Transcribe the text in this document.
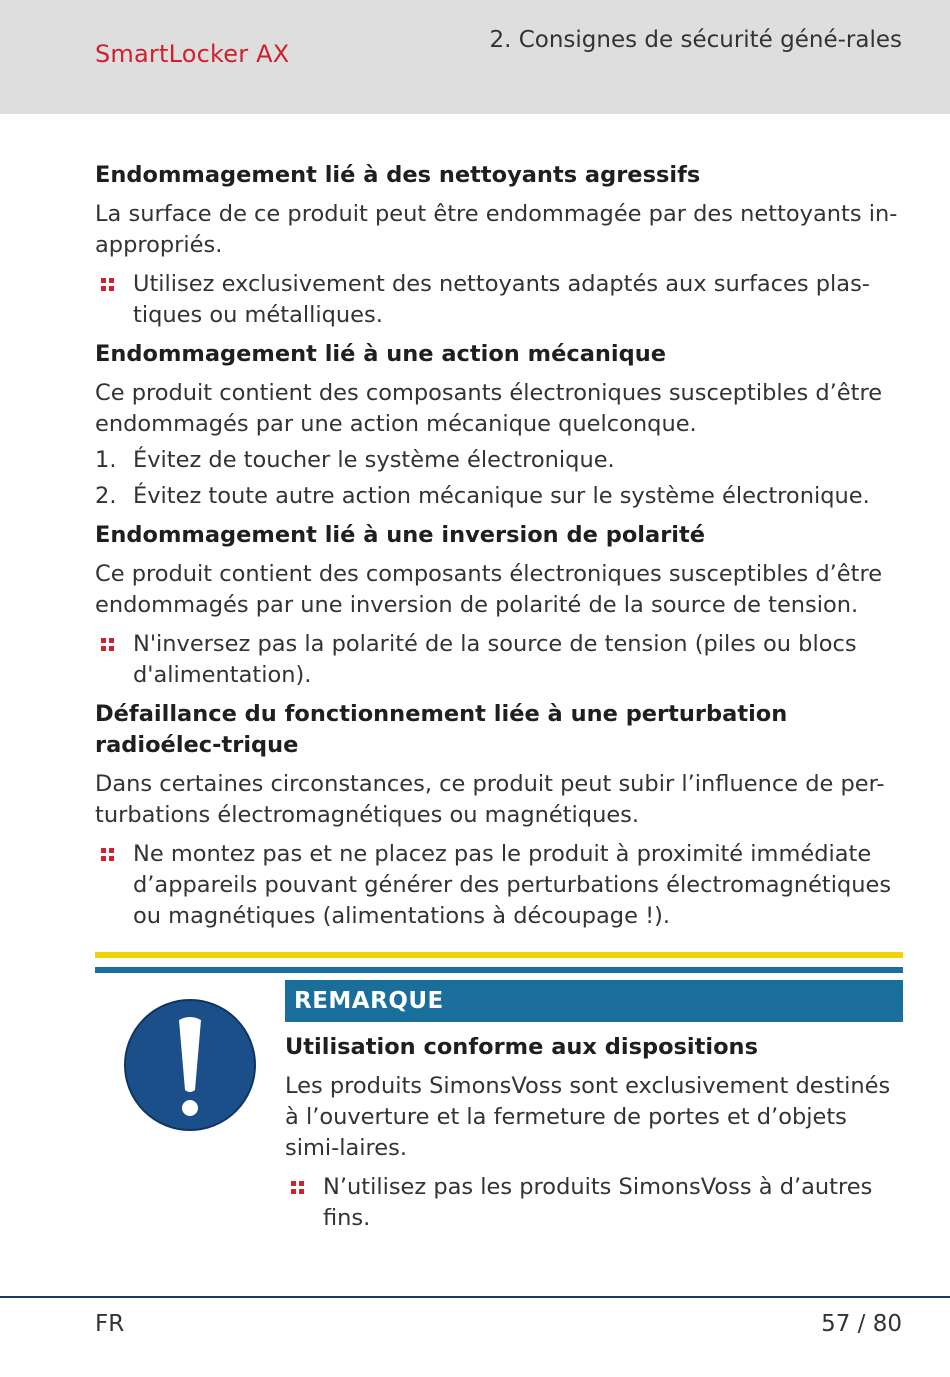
SmartLocker AX	2. Consignes de sécurité géné-rales
Endommagement lié à des nettoyants agressifs

La surface de ce produit peut être endommagée par des nettoyants in-appropriés.

Utilisez exclusivement des nettoyants adaptés aux surfaces plas-tiques ou métalliques.
Endommagement lié à une action mécanique

Ce produit contient des composants électroniques susceptibles d’être endommagés par une action mécanique quelconque.

1. Évitez de toucher le système électronique.
2. Évitez toute autre action mécanique sur le système électronique.
Endommagement lié à une inversion de polarité

Ce produit contient des composants électroniques susceptibles d’être endommagés par une inversion de polarité de la source de tension.

N'inversez pas la polarité de la source de tension (piles ou blocs d'alimentation).
Défaillance du fonctionnement liée à une perturbation radioélec-trique

Dans certaines circonstances, ce produit peut subir l’influence de per-turbations électromagnétiques ou magnétiques.

Ne montez pas et ne placez pas le produit à proximité immédiate d’appareils pouvant générer des perturbations électromagnétiques ou magnétiques (alimentations à découpage !).
REMARQUE
Utilisation conforme aux dispositions

Les produits SimonsVoss sont exclusivement destinés à l’ouverture et la fermeture de portes et d’objets simi-laires.

N’utilisez pas les produits SimonsVoss à d’autres fins.
FR	57 / 80
